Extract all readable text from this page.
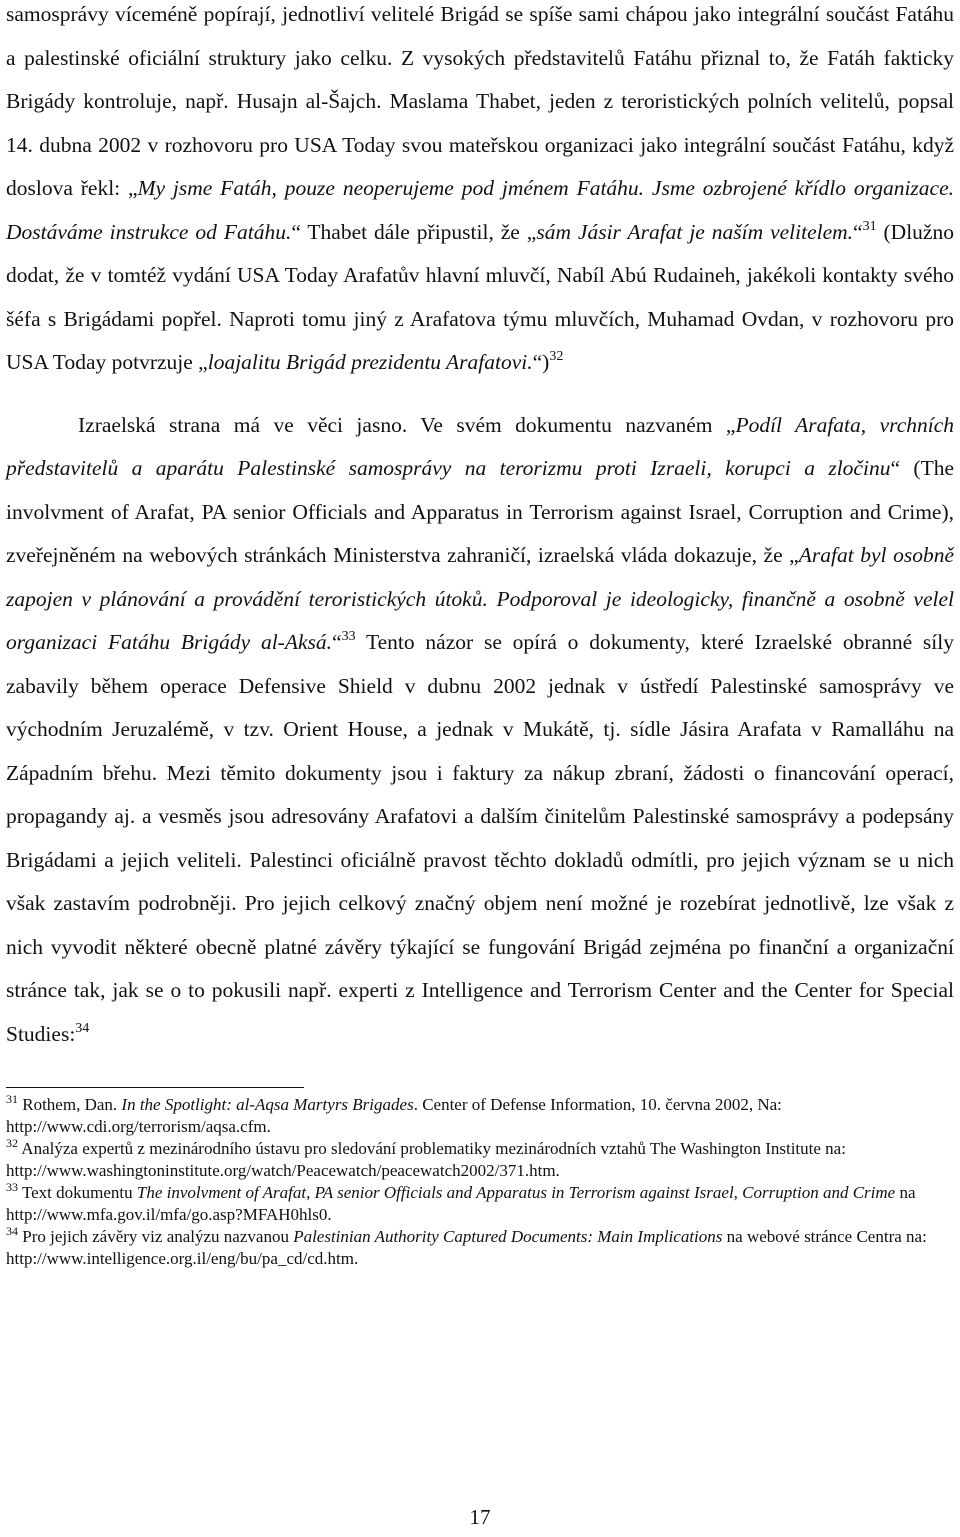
samosprávy víceméně popírají, jednotliví velitelé Brigád se spíše sami chápou jako integrální součást Fatáhu a palestinské oficiální struktury jako celku. Z vysokých představitelů Fatáhu přiznal to, že Fatáh fakticky Brigády kontroluje, např. Husajn al-Šajch. Maslama Thabet, jeden z teroristických polních velitelů, popsal 14. dubna 2002 v rozhovoru pro USA Today svou mateřskou organizaci jako integrální součást Fatáhu, když doslova řekl: „My jsme Fatáh, pouze neoperujeme pod jménem Fatáhu. Jsme ozbrojené křídlo organizace. Dostáváme instrukce od Fatáhu.“ Thabet dále připustil, že „sám Jásir Arafat je naším velitelem.“$^{31}$ (Dlužno dodat, že v tomtéž vydání USA Today Arafatův hlavní mluvčí, Nabíl Abú Rudaineh, jakékoli kontakty svého šéfa s Brigádami popřel. Naproti tomu jiný z Arafatova týmu mluvčích, Muhamad Ovdan, v rozhovoru pro USA Today potvrzuje „loajalitu Brigád prezidentu Arafatovi.“)$^{32}$

Izraelská strana má ve věci jasno. Ve svém dokumentu nazvaném „Podíl Arafata, vrchních představitelů a aparátu Palestinské samosprávy na terorizmu proti Izraeli, korupci a zločinu“ (The involvment of Arafat, PA senior Officials and Apparatus in Terrorism against Israel, Corruption and Crime), zveřejněném na webových stránkách Ministerstva zahraničí, izraelská vláda dokazuje, že „Arafat byl osobně zapojen v plánování a provádění teroristických útoků. Podporoval je ideologicky, finančně a osobně velel organizaci Fatáhu Brigády al-Aksá.“$^{33}$ Tento názor se opírá o dokumenty, které Izraelské obranné síly zabavily během operace Defensive Shield v dubnu 2002 jednak v ústředí Palestinské samosprávy ve východním Jeruzalémě, v tzv. Orient House, a jednak v Mukátě, tj. sídle Jásira Arafata v Ramalláhu na Západním břehu. Mezi těmito dokumenty jsou i faktury za nákup zbraní, žádosti o financování operací, propagandy aj. a vesměs jsou adresovány Arafatovi a dalším činitelům Palestinské samosprávy a podepsány Brigádami a jejich veliteli. Palestinci oficiálně pravost těchto dokladů odmítli, pro jejich význam se u nich však zastavím podrobněji. Pro jejich celkový značný objem není možné je rozebírat jednotlivě, lze však z nich vyvodit některé obecně platné závěry týkající se fungování Brigád zejména po finanční a organizační stránce tak, jak se o to pokusili např. experti z Intelligence and Terrorism Center and the Center for Special Studies:$^{34}$

$^{31}$ Rothem, Dan. In the Spotlight: al-Aqsa Martyrs Brigades. Center of Defense Information, 10. června 2002, Na: http://www.cdi.org/terrorism/aqsa.cfm.

$^{32}$ Analýza expertů z mezinárodního ústavu pro sledování problematiky mezinárodních vztahů The Washington Institute na: http://www.washingtoninstitute.org/watch/Peacewatch/peacewatch2002/371.htm.

$^{33}$ Text dokumentu The involvment of Arafat, PA senior Officials and Apparatus in Terrorism against Israel, Corruption and Crime na http://www.mfa.gov.il/mfa/go.asp?MFAH0hls0.

$^{34}$ Pro jejich závěry viz analýzu nazvanou Palestinian Authority Captured Documents: Main Implications na webové stránce Centra na: http://www.intelligence.org.il/eng/bu/pa_cd/cd.htm.

17
